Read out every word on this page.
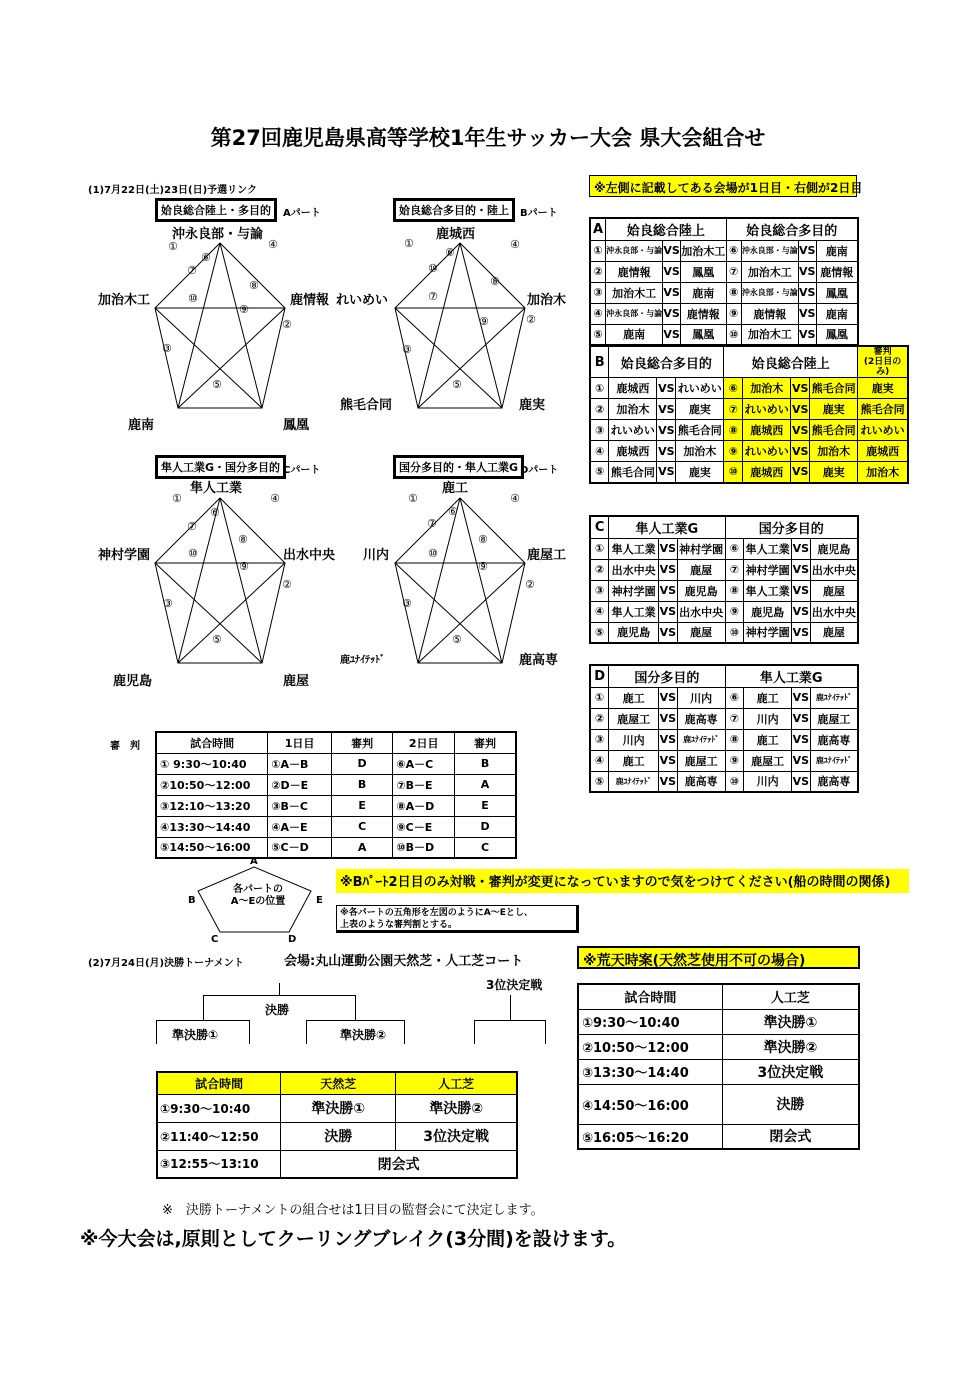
第27回鹿児島県高等学校1年生サッカー大会 県大会組合せ
(1)7月22日(土)23日(日)予選リンク	※左側に記載してある会場が1日目・右側が2日目
姶良総合陸上・多目的	Aパート
沖永良部・与論
加治木工	鹿情報
鹿南	鳳凰
①
②
③
④
⑤
⑥
⑦
⑧
⑨
⑩
姶良総合多目的・陸上	Bパート
鹿城西
れいめい	加治木
熊毛合同	鹿実
①
②
③
④
⑤
⑥
⑦
⑧
⑨
⑩
隼人工業G・国分多目的 Cパート
隼人工業
神村学園	出水中央
鹿児島	鹿屋
①
②
③
④
⑤
⑥
⑦
⑧
⑨
⑩
国分多目的・隼人工業G Dパート
鹿工
川内	鹿屋工
鹿ﾕﾅｲﾃｯﾄﾞ	鹿高専
①
②
③
④
⑤
⑥
⑦
⑧
⑨
⑩
A	姶良総合陸上			姶良総合多目的			
①	沖永良部・与論	VS	加治木工	⑥	沖永良部・与論	VS	鹿南
②	鹿情報	VS	鳳凰	⑦	加治木工	VS	鹿情報
③	加治木工	VS	鹿南	⑧	沖永良部・与論	VS	鳳凰
④	沖永良部・与論	VS	鹿情報	⑨	鹿情報	VS	鹿南
⑤	鹿南	VS	鳳凰	⑩	加治木工	VS	鳳凰
B	姶良総合多目的			姶良総合陸上				審判
(2日目の
み)
①	鹿城西	VS	れいめい	⑥	加治木	VS	熊毛合同	鹿実
②	加治木	VS	鹿実	⑦	れいめい	VS	鹿実	熊毛合同
③	れいめい	VS	熊毛合同	⑧	鹿城西	VS	熊毛合同	れいめい
④	鹿城西	VS	加治木	⑨	れいめい	VS	加治木	鹿城西
⑤	熊毛合同	VS	鹿実	⑩	鹿城西	VS	鹿実	加治木
C	隼人工業G			国分多目的			
①	隼人工業	VS	神村学園	⑥	隼人工業	VS	鹿児島
②	出水中央	VS	鹿屋	⑦	神村学園	VS	出水中央
③	神村学園	VS	鹿児島	⑧	隼人工業	VS	鹿屋
④	隼人工業	VS	出水中央	⑨	鹿児島	VS	出水中央
⑤	鹿児島	VS	鹿屋	⑩	神村学園	VS	鹿屋
D	国分多目的			隼人工業G			
①	鹿工	VS	川内	⑥	鹿工	VS	鹿ﾕﾅｲﾃｯﾄﾞ
②	鹿屋工	VS	鹿高専	⑦	川内	VS	鹿屋工
③	川内	VS	鹿ﾕﾅｲﾃｯﾄﾞ	⑧	鹿工	VS	鹿高専
④	鹿工	VS	鹿屋工	⑨	鹿屋工	VS	鹿ﾕﾅｲﾃｯﾄﾞ
⑤	鹿ﾕﾅｲﾃｯﾄﾞ	VS	鹿高専	⑩	川内	VS	鹿高専
審　判	試合時間	1日目	審判	2日目	審判
① 9:30～10:40	①A－B	D	⑥A－C	B
②10:50～12:00	②D－E	B	⑦B－E	A
③12:10～13:20	③B－C	E	⑧A－D	E
④13:30～14:40	④A－E	C	⑨C－E	D
⑤14:50～16:00	⑤C－D	A	⑩B－D	C
A
B	E
C	D
各パートの
A～Eの位置
※Bﾊﾟｰﾄ2日目のみ対戦・審判が変更になっていますので気をつけてください(船の時間の関係)
※各パートの五角形を左図のようにA～Eとし、
上表のような審判割とする。
(2)7月24日(月)決勝トーナメント	会場:丸山運動公園天然芝・人工芝コート	※荒天時案(天然芝使用不可の場合)
決勝
準決勝①	準決勝②
3位決定戦
試合時間	天然芝	人工芝
①9:30～10:40	準決勝①	準決勝②
②11:40～12:50	決勝	3位決定戦
③12:55～13:10	閉会式	
試合時間	人工芝
①9:30～10:40	準決勝①
②10:50～12:00	準決勝②
③13:30～14:40	3位決定戦
④14:50～16:00	決勝
⑤16:05～16:20	閉会式
※　決勝トーナメントの組合せは1日目の監督会にて決定します。
※今大会は,原則としてクーリングブレイク(3分間)を設けます。
